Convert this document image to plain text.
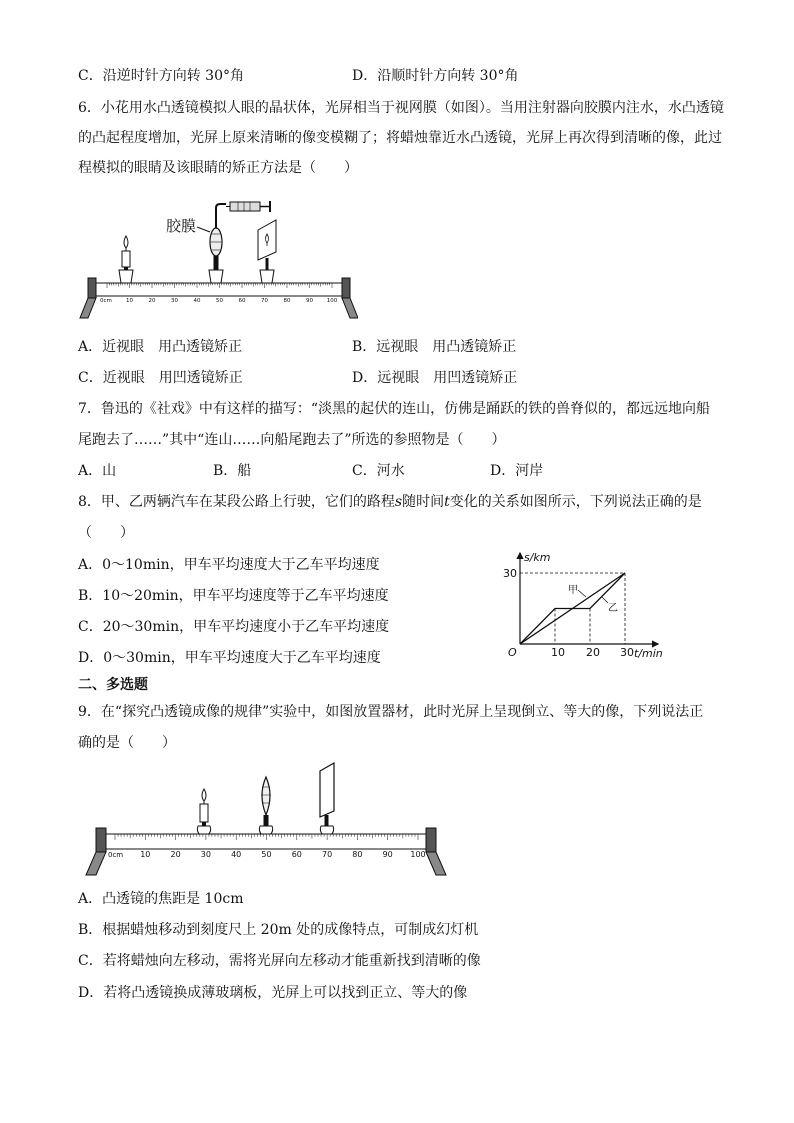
C．沿逆时针方向转 30°角	D．沿顺时针方向转 30°角
6．小花用水凸透镜模拟人眼的晶状体，光屏相当于视网膜（如图）。当用注射器向胶膜内注水，水凸透镜
的凸起程度增加，光屏上原来清晰的像变模糊了；将蜡烛靠近水凸透镜，光屏上再次得到清晰的像，此过
程模拟的眼睛及该眼睛的矫正方法是（　　）
胶膜
0cm	10	20	30	40	50	60	70	80	90	100
A．近视眼　用凸透镜矫正	B．远视眼　用凸透镜矫正
C．近视眼　用凹透镜矫正	D．远视眼　用凹透镜矫正
7．鲁迅的《社戏》中有这样的描写：“淡黑的起伏的连山，仿佛是踊跃的铁的兽脊似的，都远远地向船
尾跑去了……”其中“连山……向船尾跑去了”所选的参照物是（　　）
A．山	B．船	C．河水	D．河岸
8．甲、乙两辆汽车在某段公路上行驶，它们的路程s随时间t变化的关系如图所示，下列说法正确的是
（　　）
A．0～10min，甲车平均速度大于乙车平均速度
B．10～20min，甲车平均速度等于乙车平均速度
C．20～30min，甲车平均速度小于乙车平均速度
D．0～30min，甲车平均速度大于乙车平均速度
s/km
t/min
O
30
10 20 30
甲
乙
二、多选题
9．在“探究凸透镜成像的规律”实验中，如图放置器材，此时光屏上呈现倒立、等大的像，下列说法正
确的是（　　）
0cm 10	20	30	40	50	60	70	80	90 100
A．凸透镜的焦距是 10cm
B．根据蜡烛移动到刻度尺上 20m 处的成像特点，可制成幻灯机
C．若将蜡烛向左移动，需将光屏向左移动才能重新找到清晰的像
D．若将凸透镜换成薄玻璃板，光屏上可以找到正立、等大的像
